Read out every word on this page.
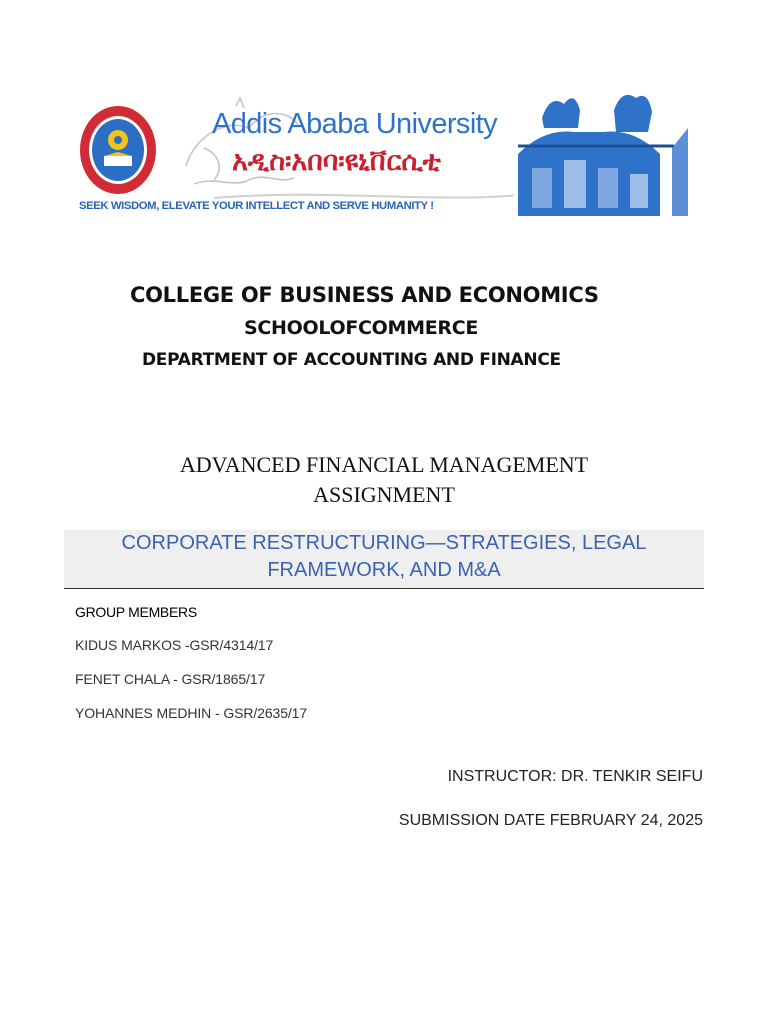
Addis Ababa University
አዲስ፡አበባ፡ዩኒቨርሲቲ
SEEK WISDOM, ELEVATE YOUR INTELLECT AND SERVE HUMANITY !
COLLEGE OF BUSINESS AND ECONOMICS
SCHOOLOFCOMMERCE
DEPARTMENT OF ACCOUNTING AND FINANCE
ADVANCED FINANCIAL MANAGEMENT
ASSIGNMENT
CORPORATE RESTRUCTURING—STRATEGIES, LEGAL
FRAMEWORK, AND M&A
GROUP MEMBERS
KIDUS MARKOS -GSR/4314/17
FENET CHALA - GSR/1865/17
YOHANNES MEDHIN - GSR/2635/17
INSTRUCTOR: DR. TENKIR SEIFU
SUBMISSION DATE FEBRUARY 24, 2025
